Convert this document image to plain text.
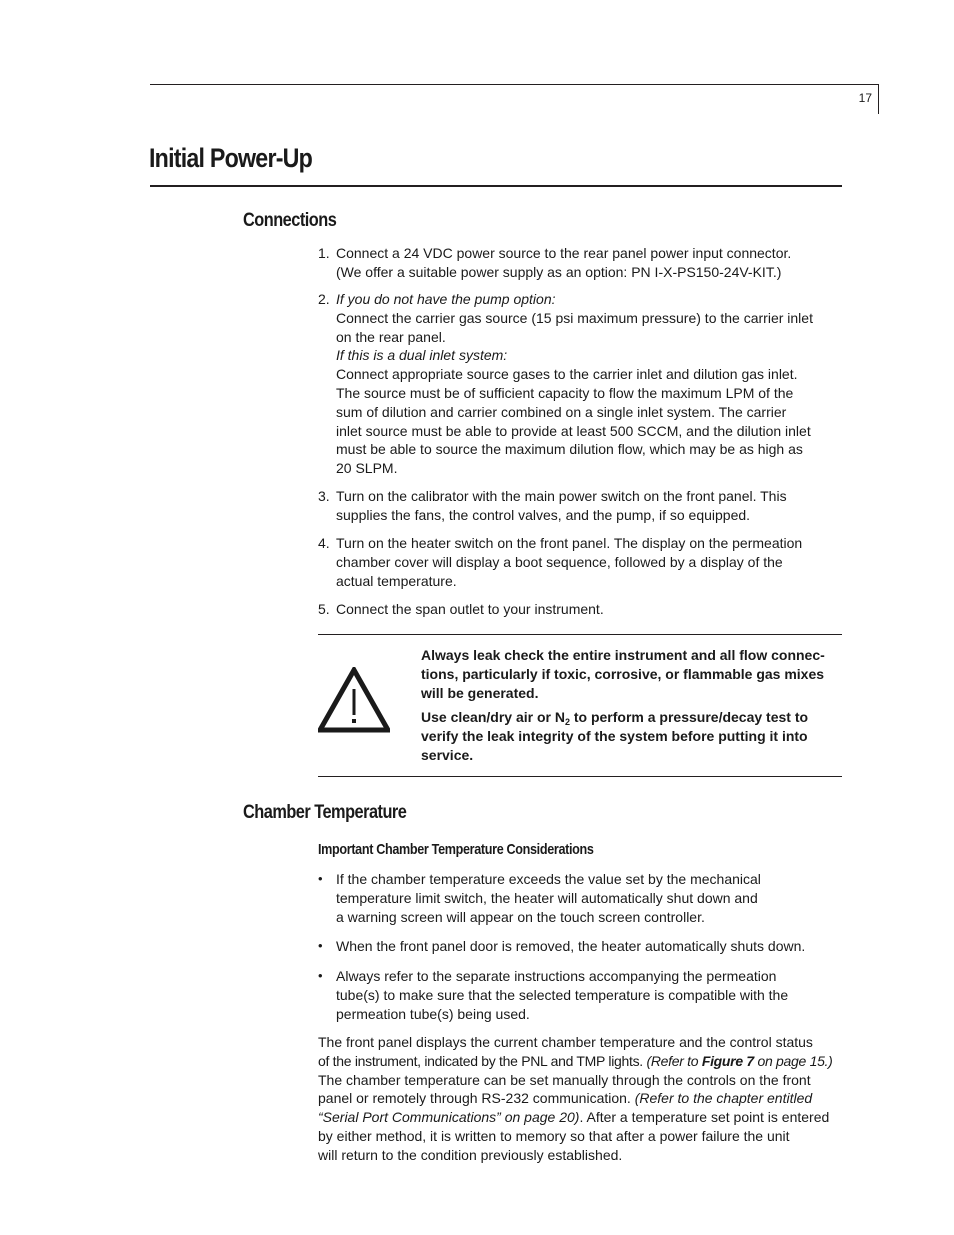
17
Initial Power-Up
Connections
1. Connect a 24 VDC power source to the rear panel power input connector.
(We offer a suitable power supply as an option: PN I-X-PS150-24V-KIT.)
2. If you do not have the pump option:
Connect the carrier gas source (15 psi maximum pressure) to the carrier inlet
on the rear panel.
If this is a dual inlet system:
Connect appropriate source gases to the carrier inlet and dilution gas inlet.
The source must be of sufficient capacity to flow the maximum LPM of the
sum of dilution and carrier combined on a single inlet system. The carrier
inlet source must be able to provide at least 500 SCCM, and the dilution inlet
must be able to source the maximum dilution flow, which may be as high as
20 SLPM.
3. Turn on the calibrator with the main power switch on the front panel. This
supplies the fans, the control valves, and the pump, if so equipped.
4. Turn on the heater switch on the front panel. The display on the permeation
chamber cover will display a boot sequence, followed by a display of the
actual temperature.
5. Connect the span outlet to your instrument.
Always leak check the entire instrument and all flow connec-
tions, particularly if toxic, corrosive, or flammable gas mixes
will be generated.
Use clean/dry air or $N_2$ to perform a pressure/decay test to
verify the leak integrity of the system before putting it into
service.
Chamber Temperature
Important Chamber Temperature Considerations
• If the chamber temperature exceeds the value set by the mechanical
temperature limit switch, the heater will automatically shut down and
a warning screen will appear on the touch screen controller.
• When the front panel door is removed, the heater automatically shuts down.
• Always refer to the separate instructions accompanying the permeation
tube(s) to make sure that the selected temperature is compatible with the
permeation tube(s) being used.
The front panel displays the current chamber temperature and the control status
of the instrument, indicated by the PNL and TMP lights. (Refer to Figure 7 on page 15.)
The chamber temperature can be set manually through the controls on the front
panel or remotely through RS-232 communication. (Refer to the chapter entitled
“Serial Port Communications” on page 20). After a temperature set point is entered
by either method, it is written to memory so that after a power failure the unit
will return to the condition previously established.
